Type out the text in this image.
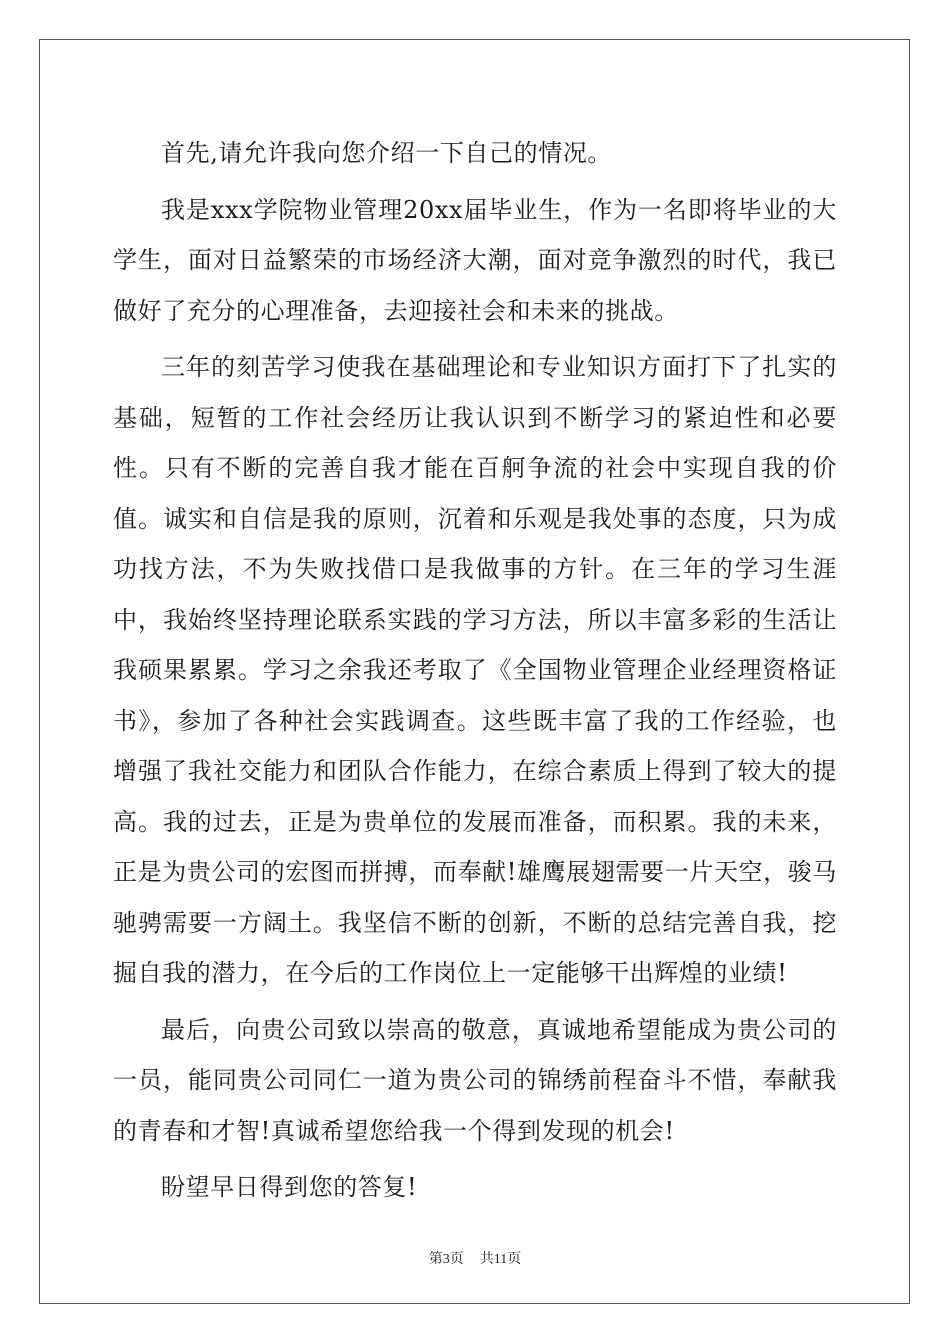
首先,请允许我向您介绍一下自己的情况。

我是xxx学院物业管理20xx届毕业生，作为一名即将毕业的大学生，面对日益繁荣的市场经济大潮，面对竞争激烈的时代，我已做好了充分的心理准备，去迎接社会和未来的挑战。

三年的刻苦学习使我在基础理论和专业知识方面打下了扎实的基础，短暂的工作社会经历让我认识到不断学习的紧迫性和必要性。只有不断的完善自我才能在百舸争流的社会中实现自我的价值。诚实和自信是我的原则，沉着和乐观是我处事的态度，只为成功找方法，不为失败找借口是我做事的方针。在三年的学习生涯中，我始终坚持理论联系实践的学习方法，所以丰富多彩的生活让我硕果累累。学习之余我还考取了《全国物业管理企业经理资格证书》，参加了各种社会实践调查。这些既丰富了我的工作经验，也增强了我社交能力和团队合作能力，在综合素质上得到了较大的提高。我的过去，正是为贵单位的发展而准备，而积累。我的未来，正是为贵公司的宏图而拼搏，而奉献!雄鹰展翅需要一片天空，骏马驰骋需要一方阔土。我坚信不断的创新，不断的总结完善自我，挖掘自我的潜力，在今后的工作岗位上一定能够干出辉煌的业绩!

最后，向贵公司致以崇高的敬意，真诚地希望能成为贵公司的一员，能同贵公司同仁一道为贵公司的锦绣前程奋斗不惜，奉献我的青春和才智!真诚希望您给我一个得到发现的机会!

盼望早日得到您的答复!

第3页 共11页
